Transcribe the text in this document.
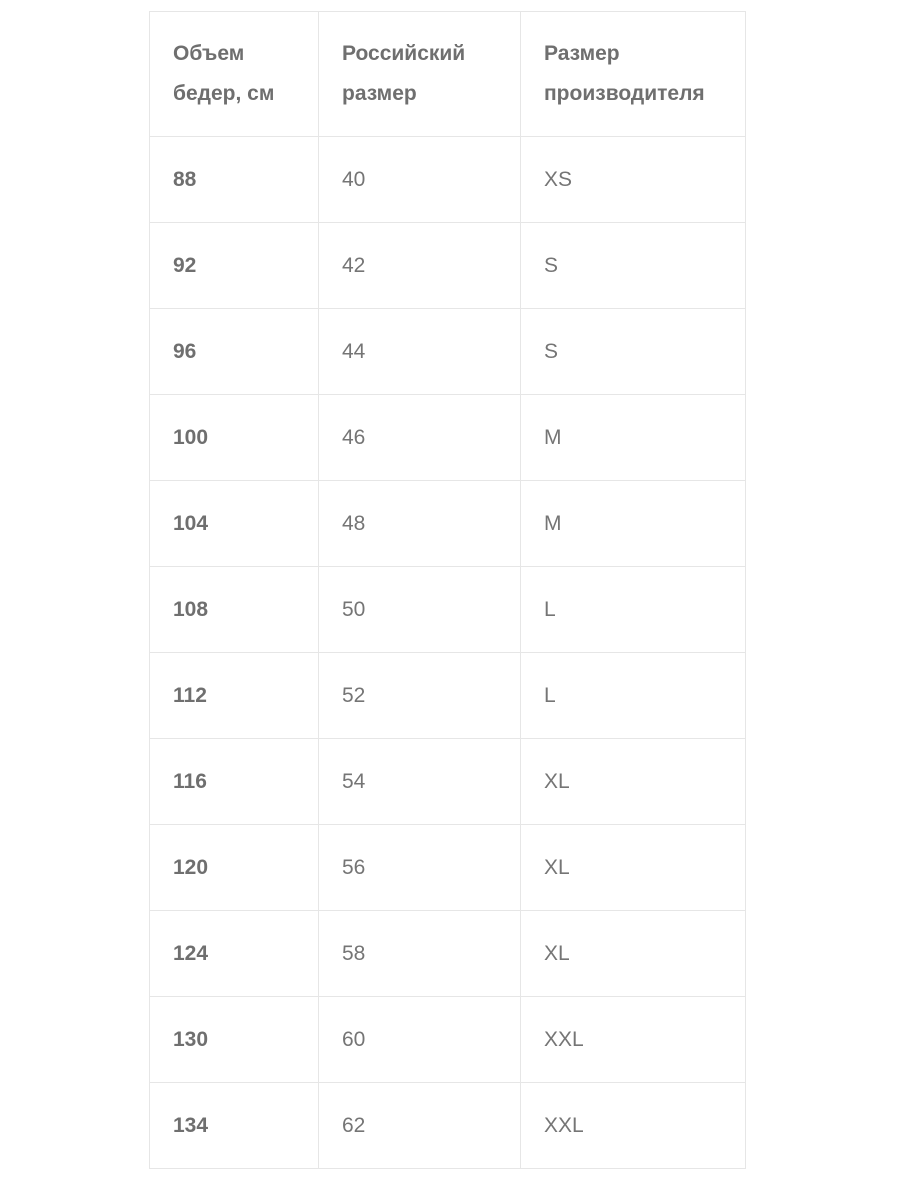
Объем бедер, см	Российский размер	Размер производителя
88	40	XS
92	42	S
96	44	S
100	46	M
104	48	M
108	50	L
112	52	L
116	54	XL
120	56	XL
124	58	XL
130	60	XXL
134	62	XXL
